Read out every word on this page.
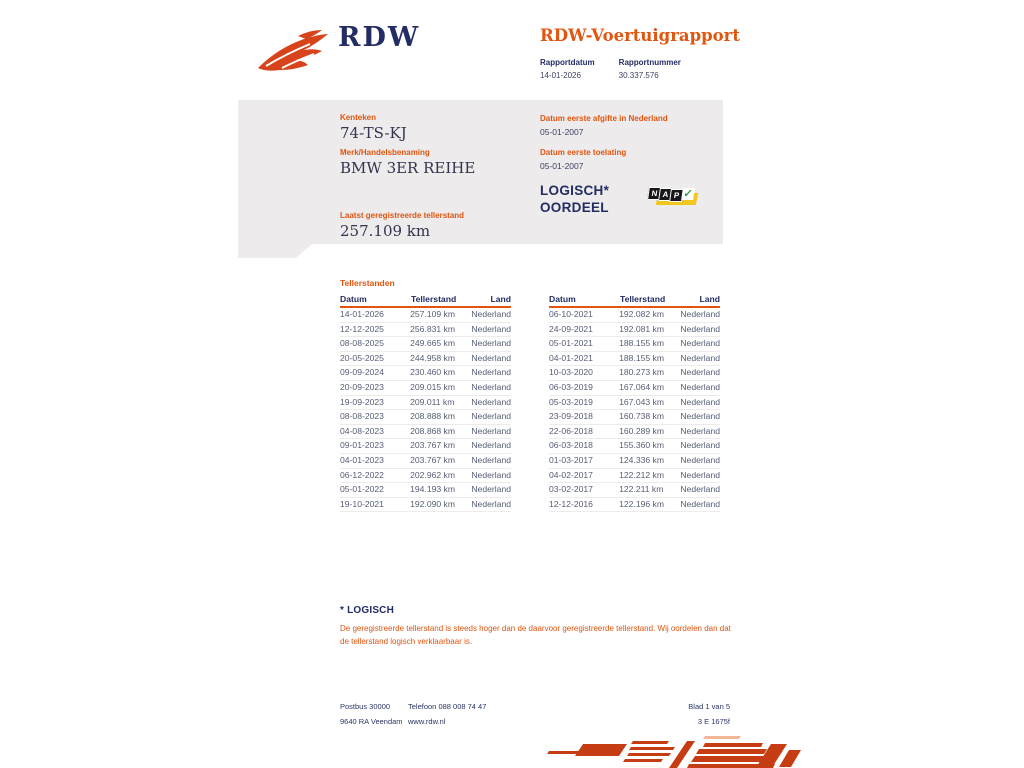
RDW	RDW-Voertuigrapport
Rapportdatum
14-01-2026
Rapportnummer
30.337.576
Kenteken
74-TS-KJ
Merk/Handelsbenaming
BMW 3ER REIHE
Laatst geregistreerde tellerstand
257.109 km
Datum eerste afgifte in Nederland
05-01-2007
Datum eerste toelating
05-01-2007
LOGISCH*
OORDEEL
N A P ✓
Tellerstanden
Datum	Tellerstand	Land
14-01-2026	257.109 km	Nederland
12-12-2025	256.831 km	Nederland
08-08-2025	249.665 km	Nederland
20-05-2025	244.958 km	Nederland
09-09-2024	230.460 km	Nederland
20-09-2023	209.015 km	Nederland
19-09-2023	209.011 km	Nederland
08-08-2023	208.888 km	Nederland
04-08-2023	208.868 km	Nederland
09-01-2023	203.767 km	Nederland
04-01-2023	203.767 km	Nederland
06-12-2022	202.962 km	Nederland
05-01-2022	194.193 km	Nederland
19-10-2021	192.090 km	Nederland
Datum	Tellerstand	Land
06-10-2021	192.082 km	Nederland
24-09-2021	192.081 km	Nederland
05-01-2021	188.155 km	Nederland
04-01-2021	188.155 km	Nederland
10-03-2020	180.273 km	Nederland
06-03-2019	167.064 km	Nederland
05-03-2019	167.043 km	Nederland
23-09-2018	160.738 km	Nederland
22-06-2018	160.289 km	Nederland
06-03-2018	155.360 km	Nederland
01-03-2017	124.336 km	Nederland
04-02-2017	122.212 km	Nederland
03-02-2017	122.211 km	Nederland
12-12-2016	122.196 km	Nederland
* LOGISCH
De geregistreerde tellerstand is steeds hoger dan de daarvoor geregistreerde tellerstand. Wij oordelen dan dat de tellerstand logisch verklaarbaar is.
Postbus 30000
9640 RA Veendam
Telefoon 088 008 74 47
www.rdw.nl
Blad 1 van 5
3 E 1675f
